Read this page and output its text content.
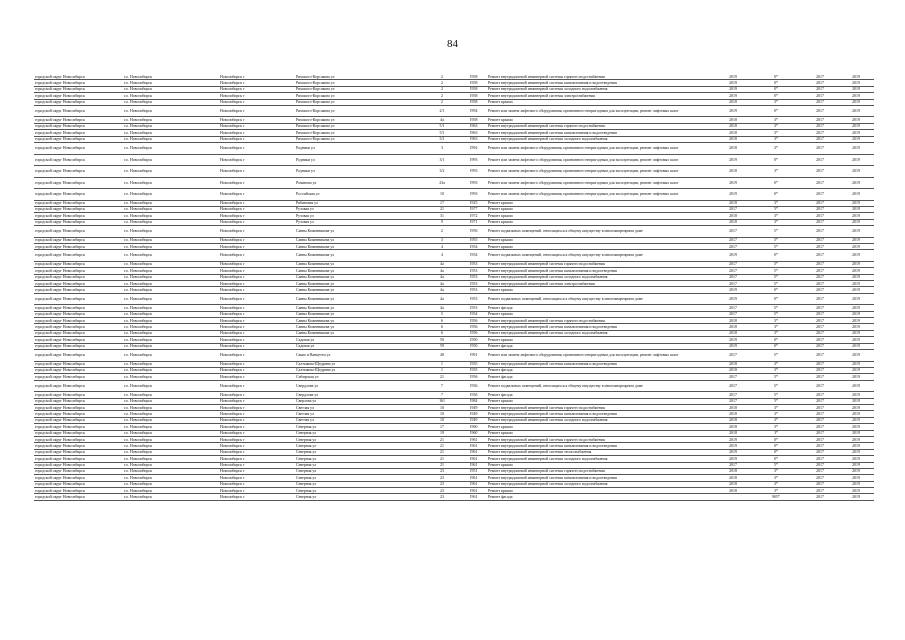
84
городской округ Новосибирск	г.о. Новосибирск	Новосибирск г	Римского-Корсакова ул	2	1958	Ремонт внутридомовой инженерной системы горячего водоснабжения	2019	0*	2017	2019
городской округ Новосибирск	г.о. Новосибирск	Новосибирск г	Римского-Корсакова ул	2	1958	Ремонт внутридомовой инженерной системы канализования и водоотведения	2019	0*	2017	2019
городской округ Новосибирск	г.о. Новосибирск	Новосибирск г	Римского-Корсакова ул	2	1958	Ремонт внутридомовой инженерной системы холодного водоснабжения	2019	0*	2017	2019
городской округ Новосибирск	г.о. Новосибирск	Новосибирск г	Римского-Корсакова ул	2	1958	Ремонт внутридомовой инженерной системы электроснабжения	2019	0*	2017	2019
городской округ Новосибирск	г.о. Новосибирск	Новосибирск г	Римского-Корсакова ул	2	1958	Ремонт крыши	2018	3*	2017	2019
городской округ Новосибирск	г.о. Новосибирск	Новосибирск г	Римского-Корсакова ул	2/1	1994	Ремонт или замена лифтового оборудования, признанного непригодным для эксплуатации, ремонт лифтовых шахт	2019	0*	2017	2019
городской округ Новосибирск	г.о. Новосибирск	Новосибирск г	Римского-Корсакова ул	4a	1958	Ремонт крыши	2018	3*	2017	2019
городской округ Новосибирск	г.о. Новосибирск	Новосибирск г	Римского-Корсакова ул	5/1	1963	Ремонт внутридомовой инженерной системы горячего водоснабжения	2018	3*	2017	2019
городской округ Новосибирск	г.о. Новосибирск	Новосибирск г	Римского-Корсакова ул	5/1	1963	Ремонт внутридомовой инженерной системы канализования и водоотведения	2018	3*	2017	2019
городской округ Новосибирск	г.о. Новосибирск	Новосибирск г	Римского-Корсакова ул	5/1	1963	Ремонт внутридомовой инженерной системы холодного водоснабжения	2018	3*	2017	2019
городской округ Новосибирск	г.о. Новосибирск	Новосибирск г	Родники ул	3	1992	Ремонт или замена лифтового оборудования, признанного непригодным для эксплуатации, ремонт лифтовых шахт	2018	3*	2017	2019
городской округ Новосибирск	г.о. Новосибирск	Новосибирск г	Родники ул	3/1	1993	Ремонт или замена лифтового оборудования, признанного непригодным для эксплуатации, ремонт лифтовых шахт	2019	0*	2017	2019
городской округ Новосибирск	г.о. Новосибирск	Новосибирск г	Родники ул	3/2	1993	Ремонт или замена лифтового оборудования, признанного непригодным для эксплуатации, ремонт лифтовых шахт	2018	3*	2017	2019
городской округ Новосибирск	г.о. Новосибирск	Новосибирск г	Романова ул	23а	1993	Ремонт или замена лифтового оборудования, признанного непригодным для эксплуатации, ремонт лифтовых шахт	2019	0*	2017	2019
городской округ Новосибирск	г.о. Новосибирск	Новосибирск г	Российская ул	10	1993	Ремонт или замена лифтового оборудования, признанного непригодным для эксплуатации, ремонт лифтовых шахт	2019	0*	2017	2019
городской округ Новосибирск	г.о. Новосибирск	Новосибирск г	Рябиновая ул	17	1925	Ремонт крыши	2018	3*	2017	2019
городской округ Новосибирск	г.о. Новосибирск	Новосибирск г	Рузовая ул	21	1977	Ремонт крыши	2017	5*	2017	2019
городской округ Новосибирск	г.о. Новосибирск	Новосибирск г	Рузовая ул	31	1972	Ремонт крыши	2018	3*	2017	2019
городской округ Новосибирск	г.о. Новосибирск	Новосибирск г	Рузовая ул	9	1971	Ремонт крыши	2018	3*	2017	2019
городской округ Новосибирск	г.о. Новосибирск	Новосибирск г	Саввы Кожевникова ул	2	1956	Ремонт подвальных помещений, относящихся к общему имуществу в многоквартирном доме	2017	5*	2017	2019
городской округ Новосибирск	г.о. Новосибирск	Новосибирск г	Саввы Кожевникова ул	3	1955	Ремонт крыши	2017	5*	2017	2019
городской округ Новосибирск	г.о. Новосибирск	Новосибирск г	Саввы Кожевникова ул	4	1954	Ремонт крыши	2017	5*	2017	2019
городской округ Новосибирск	г.о. Новосибирск	Новосибирск г	Саввы Кожевникова ул	4	1954	Ремонт подвальных помещений, относящихся к общему имуществу в многоквартирном доме	2019	0*	2017	2019
городской округ Новосибирск	г.о. Новосибирск	Новосибирск г	Саввы Кожевникова ул	4a	1953	Ремонт внутридомовой инженерной системы горячего водоснабжения	2017	5*	2017	2019
городской округ Новосибирск	г.о. Новосибирск	Новосибирск г	Саввы Кожевникова ул	4a	1953	Ремонт внутридомовой инженерной системы канализования и водоотведения	2017	5*	2017	2019
городской округ Новосибирск	г.о. Новосибирск	Новосибирск г	Саввы Кожевникова ул	4a	1953	Ремонт внутридомовой инженерной системы холодного водоснабжения	2017	5*	2017	2019
городской округ Новосибирск	г.о. Новосибирск	Новосибирск г	Саввы Кожевникова ул	4a	1953	Ремонт внутридомовой инженерной системы электроснабжения	2017	5*	2017	2019
городской округ Новосибирск	г.о. Новосибирск	Новосибирск г	Саввы Кожевникова ул	4a	1953	Ремонт крыши	2019	0*	2017	2019
городской округ Новосибирск	г.о. Новосибирск	Новосибирск г	Саввы Кожевникова ул	4a	1953	Ремонт подвальных помещений, относящихся к общему имуществу в многоквартирном доме	2019	0*	2017	2019
городской округ Новосибирск	г.о. Новосибирск	Новосибирск г	Саввы Кожевникова ул	4a	1953	Ремонт фасада	2017	5*	2017	2019
городской округ Новосибирск	г.о. Новосибирск	Новосибирск г	Саввы Кожевникова ул	5	1954	Ремонт крыши	2017	5*	2017	2019
городской округ Новосибирск	г.о. Новосибирск	Новосибирск г	Саввы Кожевникова ул	6	1956	Ремонт внутридомовой инженерной системы горячего водоснабжения	2018	3*	2017	2019
городской округ Новосибирск	г.о. Новосибирск	Новосибирск г	Саввы Кожевникова ул	6	1956	Ремонт внутридомовой инженерной системы канализования и водоотведения	2018	3*	2017	2019
городской округ Новосибирск	г.о. Новосибирск	Новосибирск г	Саввы Кожевникова ул	6	1956	Ремонт внутридомовой инженерной системы холодного водоснабжения	2018	3*	2017	2019
городской округ Новосибирск	г.о. Новосибирск	Новосибирск г	Садовая ул	59	1950	Ремонт крыши	2019	0*	2017	2019
городской округ Новосибирск	г.о. Новосибирск	Новосибирск г	Садовая ул	59	1950	Ремонт фасада	2019	0*	2017	2019
городской округ Новосибирск	г.о. Новосибирск	Новосибирск г	Сакко и Ванцетти ул	48	1991	Ремонт или замена лифтового оборудования, признанного непригодным для эксплуатации, ремонт лифтовых шахт	2017	5*	2017	2019
городской округ Новосибирск	г.о. Новосибирск	Новосибирск г	Салтыкова-Щедрина ул	1	1935	Ремонт внутридомовой инженерной системы канализования и водоотведения	2018	3*	2017	2019
городской округ Новосибирск	г.о. Новосибирск	Новосибирск г	Салтыкова-Щедрина ул	1	1935	Ремонт фасада	2018	3*	2017	2019
городской округ Новосибирск	г.о. Новосибирск	Новосибирск г	Сибирская ул	21	1956	Ремонт фасада	2017	5*	2017	2019
городской округ Новосибирск	г.о. Новосибирск	Новосибирск г	Свердлова ул	7	1936	Ремонт подвальных помещений, относящихся к общему имуществу в многоквартирном доме	2017	5*	2017	2019
городской округ Новосибирск	г.о. Новосибирск	Новосибирск г	Свердлова ул	7	1936	Ремонт фасада	2017	5*	2017	2019
городской округ Новосибирск	г.о. Новосибирск	Новосибирск г	Сверлова ул	161	1984	Ремонт крыши	2017	5*	2017	2019
городской округ Новосибирск	г.о. Новосибирск	Новосибирск г	Светлая ул	10	1949	Ремонт внутридомовой инженерной системы горячего водоснабжения	2018	3*	2017	2019
городской округ Новосибирск	г.о. Новосибирск	Новосибирск г	Светлая ул	10	1949	Ремонт внутридомовой инженерной системы канализования и водоотведения	2018	3*	2017	2019
городской округ Новосибирск	г.о. Новосибирск	Новосибирск г	Светлая ул	10	1949	Ремонт внутридомовой инженерной системы холодного водоснабжения	2018	3*	2017	2019
городской округ Новосибирск	г.о. Новосибирск	Новосибирск г	Северная ул	17	1960	Ремонт крыши	2018	3*	2017	2019
городской округ Новосибирск	г.о. Новосибирск	Новосибирск г	Северная ул	19	1960	Ремонт крыши	2018	3*	2017	2019
городской округ Новосибирск	г.о. Новосибирск	Новосибирск г	Северная ул	21	1961	Ремонт внутридомовой инженерной системы горячего водоснабжения	2019	0*	2017	2019
городской округ Новосибирск	г.о. Новосибирск	Новосибирск г	Северная ул	21	1961	Ремонт внутридомовой инженерной системы канализования и водоотведения	2019	0*	2017	2019
городской округ Новосибирск	г.о. Новосибирск	Новосибирск г	Северная ул	21	1961	Ремонт внутридомовой инженерной системы теплоснабжения	2019	0*	2017	2019
городской округ Новосибирск	г.о. Новосибирск	Новосибирск г	Северная ул	21	1961	Ремонт внутридомовой инженерной системы холодного водоснабжения	2019	0*	2017	2019
городской округ Новосибирск	г.о. Новосибирск	Новосибирск г	Северная ул	21	1961	Ремонт крыши	2017	5*	2017	2019
городской округ Новосибирск	г.о. Новосибирск	Новосибирск г	Северная ул	23	1951	Ремонт внутридомовой инженерной системы горячего водоснабжения	2018	3*	2017	2019
городской округ Новосибирск	г.о. Новосибирск	Новосибирск г	Северная ул	23	1961	Ремонт внутридомовой инженерной системы канализования и водоотведения	2018	3*	2017	2019
городской округ Новосибирск	г.о. Новосибирск	Новосибирск г	Северная ул	23	1961	Ремонт внутридомовой инженерной системы холодного водоснабжения	2018	3*	2017	2019
городской округ Новосибирск	г.о. Новосибирск	Новосибирск г	Северная ул	23	1961	Ремонт крыши	2018	3*	2017	2019
городской округ Новосибирск	г.о. Новосибирск	Новосибирск г	Северная ул	23	1961	Ремонт фасада		905*	2017	2019
